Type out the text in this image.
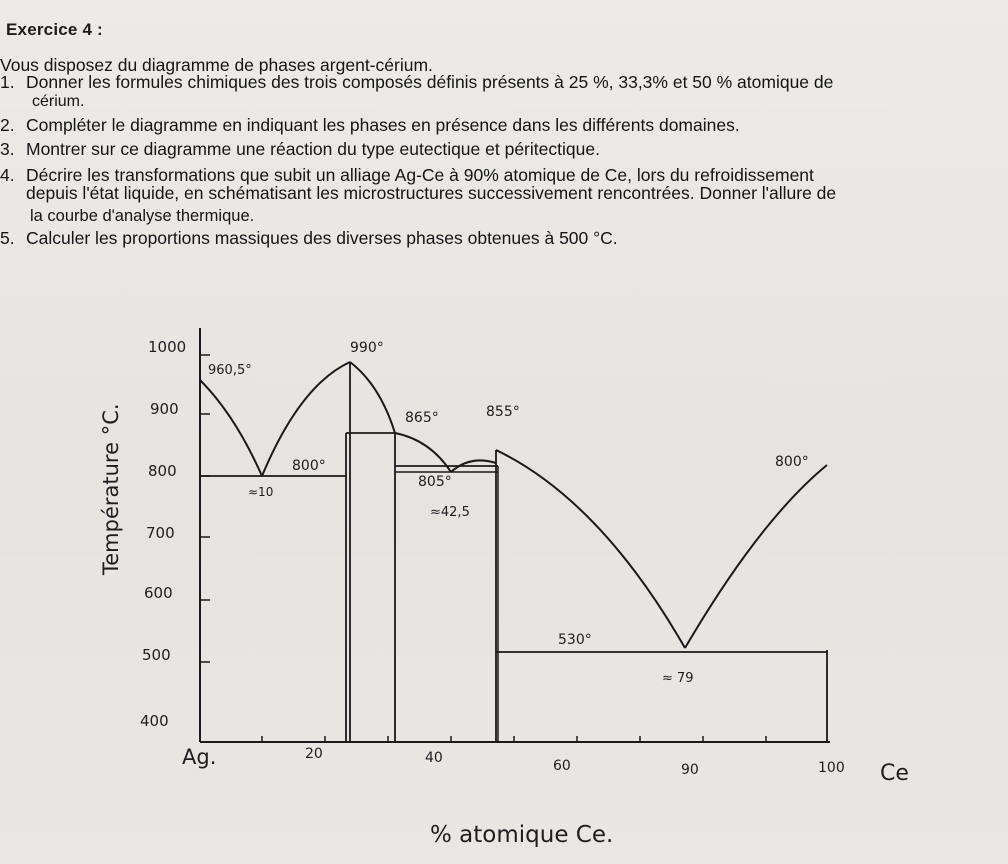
Exercice 4 :
Vous disposez du diagramme de phases argent-cérium.
1. Donner les formules chimiques des trois composés définis présents à 25 %, 33,3% et 50 % atomique de
cérium.
2. Compléter le diagramme en indiquant les phases en présence dans les différents domaines.
3. Montrer sur ce diagramme une réaction du type eutectique et péritectique.
4. Décrire les transformations que subit un alliage Ag-Ce à 90% atomique de Ce, lors du refroidissement
depuis l'état liquide, en schématisant les microstructures successivement rencontrées. Donner l'allure de
la courbe d'analyse thermique.
5. Calculer les proportions massiques des diverses phases obtenues à 500 °C.
1000
900
800
700
600
500
400
Température °C.
Ag.	20	40	60	90	100 Ce
% atomique Ce.
960,5°
990°
865°	855°
800°
≈10
805°
≈42,5
530°
≈ 79
800°
